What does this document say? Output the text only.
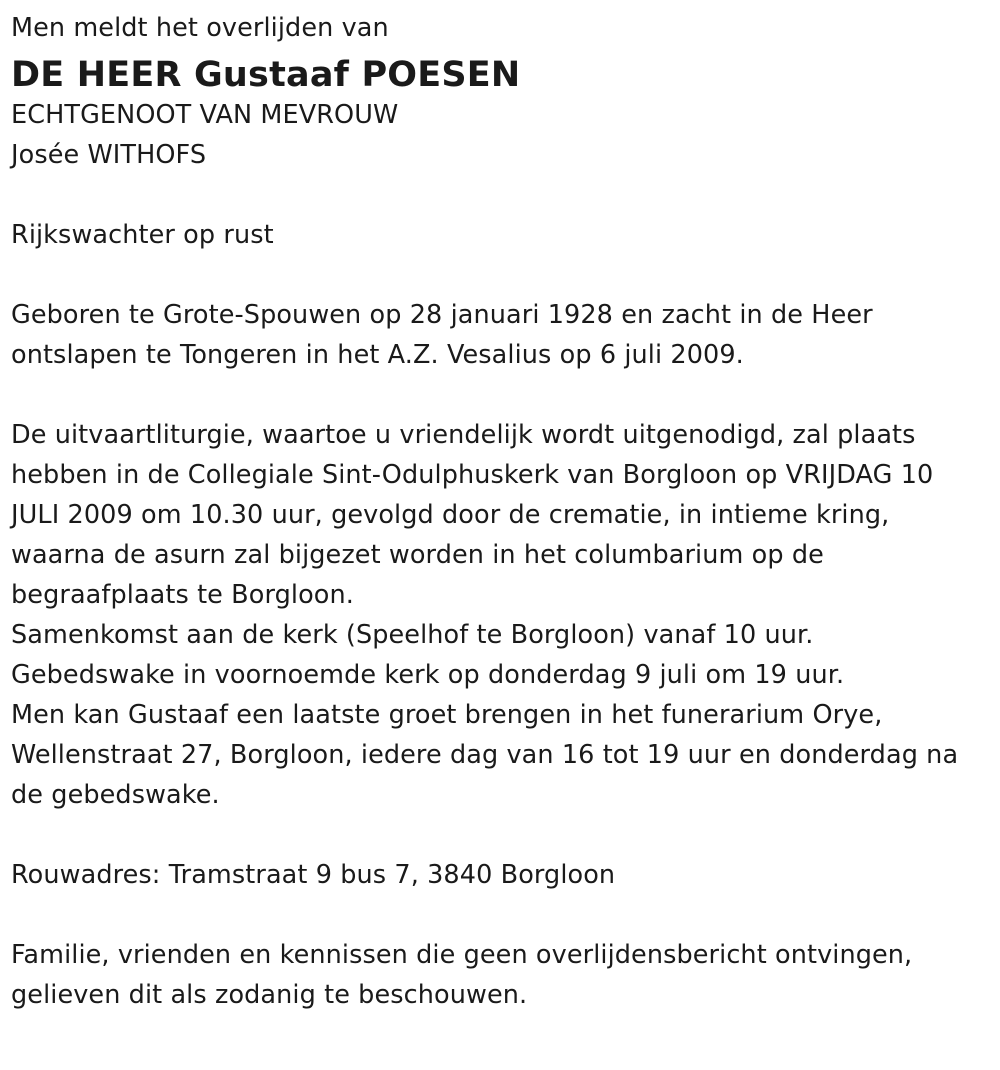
Men meldt het overlijden van
DE HEER Gustaaf POESEN
ECHTGENOOT VAN MEVROUW
Josée WITHOFS
Rijkswachter op rust
Geboren te Grote-Spouwen op 28 januari 1928 en zacht in de Heer
ontslapen te Tongeren in het A.Z. Vesalius op 6 juli 2009.
De uitvaartliturgie, waartoe u vriendelijk wordt uitgenodigd, zal plaats
hebben in de Collegiale Sint-Odulphuskerk van Borgloon op VRIJDAG 10
JULI 2009 om 10.30 uur, gevolgd door de crematie, in intieme kring,
waarna de asurn zal bijgezet worden in het columbarium op de
begraafplaats te Borgloon.
Samenkomst aan de kerk (Speelhof te Borgloon) vanaf 10 uur.
Gebedswake in voornoemde kerk op donderdag 9 juli om 19 uur.
Men kan Gustaaf een laatste groet brengen in het funerarium Orye,
Wellenstraat 27, Borgloon, iedere dag van 16 tot 19 uur en donderdag na
de gebedswake.
Rouwadres: Tramstraat 9 bus 7, 3840 Borgloon
Familie, vrienden en kennissen die geen overlijdensbericht ontvingen,
gelieven dit als zodanig te beschouwen.
